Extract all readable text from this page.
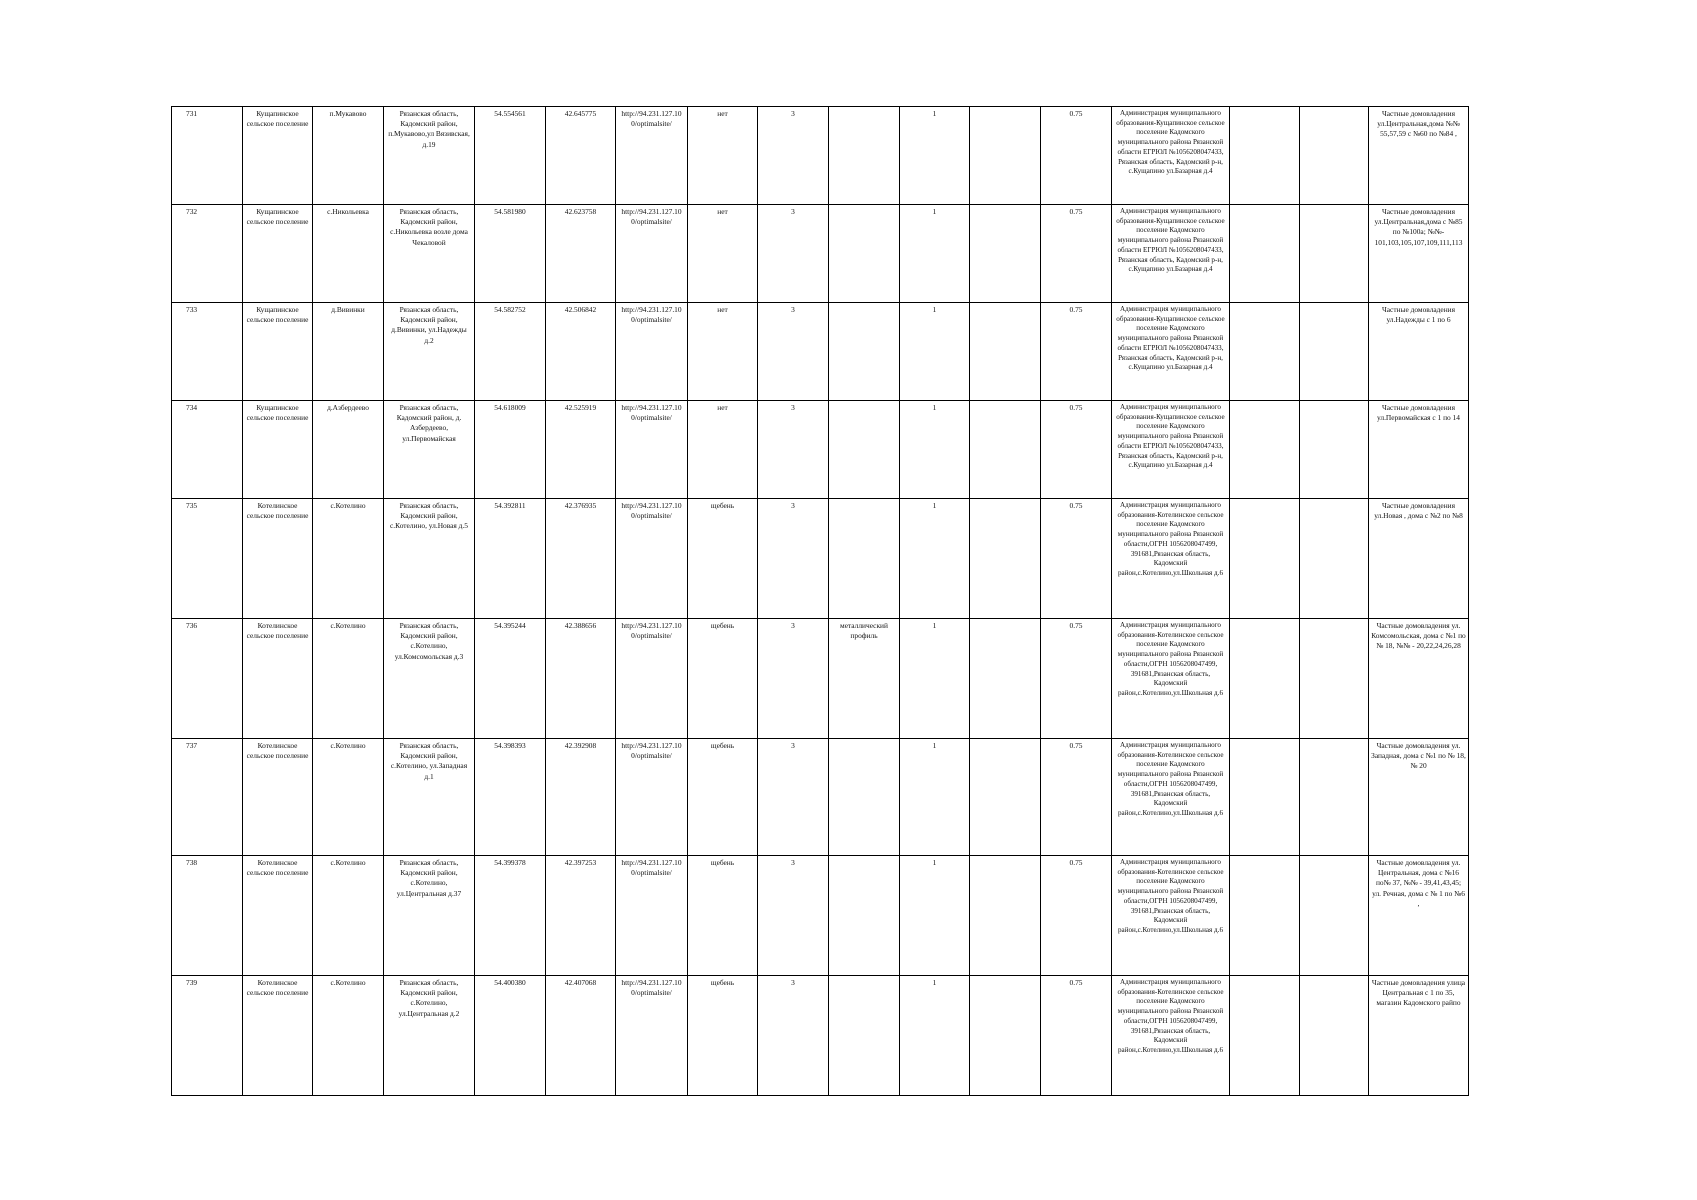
731	Кущапинское сельское поселение	п.Мукавово	Рязанская область, Кадомский район, п.Мукавово,ул Вязивская, д.19	54.554561	42.645775	http://94.231.127.10 0/optimalsite/	нет	3		1		0.75	Администрация муниципального образования-Кущапинское сельское поселение Кадомского муниципального района Рязанской области ЕГРЮЛ №1056208047433, Рязанская область, Кадомский р-н, с.Кущапино ул.Базарная д.4			Частные домовладения ул.Центральная,дома №№ 55,57,59 с №60 по №84 ,
732	Кущапинское сельское поселение	с.Никольевка	Рязанская область, Кадомский район, с.Никольевка возле дома Чекаловой	54.581980	42.623758	http://94.231.127.10 0/optimalsite/	нет	3		1		0.75	Администрация муниципального образования-Кущапинское сельское поселение Кадомского муниципального района Рязанской области ЕГРЮЛ №1056208047433, Рязанская область, Кадомский р-н, с.Кущапино ул.Базарная д.4			Частные домовладения ул.Центральная,дома с №85 по №100а; №№- 101,103,105,107,109,111,113
733	Кущапинское сельское поселение	д.Вивинки	Рязанская область, Кадомский район, д.Вивинки, ул.Надежды д.2	54.582752	42.506842	http://94.231.127.10 0/optimalsite/	нет	3		1		0.75	Администрация муниципального образования-Кущапинское сельское поселение Кадомского муниципального района Рязанской области ЕГРЮЛ №1056208047433, Рязанская область, Кадомский р-н, с.Кущапино ул.Базарная д.4			Частные домовладения ул.Надежды с 1 по 6
734	Кущапинское сельское поселение	д.Азбердеево	Рязанская область, Кадомский район, д. Азбердеево, ул.Первомайская	54.618009	42.525919	http://94.231.127.10 0/optimalsite/	нет	3		1		0.75	Администрация муниципального образования-Кущапинское сельское поселение Кадомского муниципального района Рязанской области ЕГРЮЛ №1056208047433, Рязанская область, Кадомский р-н, с.Кущапино ул.Базарная д.4			Частные домовладения ул.Первомайская с 1 по 14
735	Котелинское сельское поселение	с.Котелино	Рязанская область, Кадомский район, с.Котелино, ул.Новая д.5	54.392811	42.376935	http://94.231.127.10 0/optimalsite/	щебень	3		1		0.75	Администрация муниципального образования-Котелинское сельское поселение Кадомского муниципального района Рязанской области,ОГРН 1056208047499, 391681,Рязанская область, Кадомский район,с.Котелино,ул.Школьная д.6			Частные домовладения ул.Новая , дома с №2 по №8
736	Котелинское сельское поселение	с.Котелино	Рязанская область, Кадомский район, с.Котелино, ул.Комсомольская д.3	54.395244	42.388656	http://94.231.127.10 0/optimalsite/	щебень	3	металлический профиль	1		0.75	Администрация муниципального образования-Котелинское сельское поселение Кадомского муниципального района Рязанской области,ОГРН 1056208047499, 391681,Рязанская область, Кадомский район,с.Котелино,ул.Школьная д.6			Частные домовладения ул. Комсомольская, дома с №1 по № 18, №№ - 20,22,24,26,28
737	Котелинское сельское поселение	с.Котелино	Рязанская область, Кадомский район, с.Котелино, ул.Западная д.1	54.398393	42.392908	http://94.231.127.10 0/optimalsite/	щебень	3		1		0.75	Администрация муниципального образования-Котелинское сельское поселение Кадомского муниципального района Рязанской области,ОГРН 1056208047499, 391681,Рязанская область, Кадомский район,с.Котелино,ул.Школьная д.6			Частные домовладения ул. Западная, дома с №1 по № 18, № 20
738	Котелинское сельское поселение	с.Котелино	Рязанская область, Кадомский район, с.Котелино, ул.Центральная д.37	54.399378	42.397253	http://94.231.127.10 0/optimalsite/	щебень	3		1		0.75	Администрация муниципального образования-Котелинское сельское поселение Кадомского муниципального района Рязанской области,ОГРН 1056208047499, 391681,Рязанская область, Кадомский район,с.Котелино,ул.Школьная д.6			Частные домовладения ул. Центральная, дома с №16 по№ 37, №№ - 39,41,43,45; ул. Речная, дома с № 1 по №6 ,
739	Котелинское сельское поселение	с.Котелино	Рязанская область, Кадомский район, с.Котелино, ул.Центральная д.2	54.400380	42.407068	http://94.231.127.10 0/optimalsite/	щебень	3		1		0.75	Администрация муниципального образования-Котелинское сельское поселение Кадомского муниципального района Рязанской области,ОГРН 1056208047499, 391681,Рязанская область, Кадомский район,с.Котелино,ул.Школьная д.6			Частные домовладения улица Центральная с 1 по 35, магазин Кадомского райпо
